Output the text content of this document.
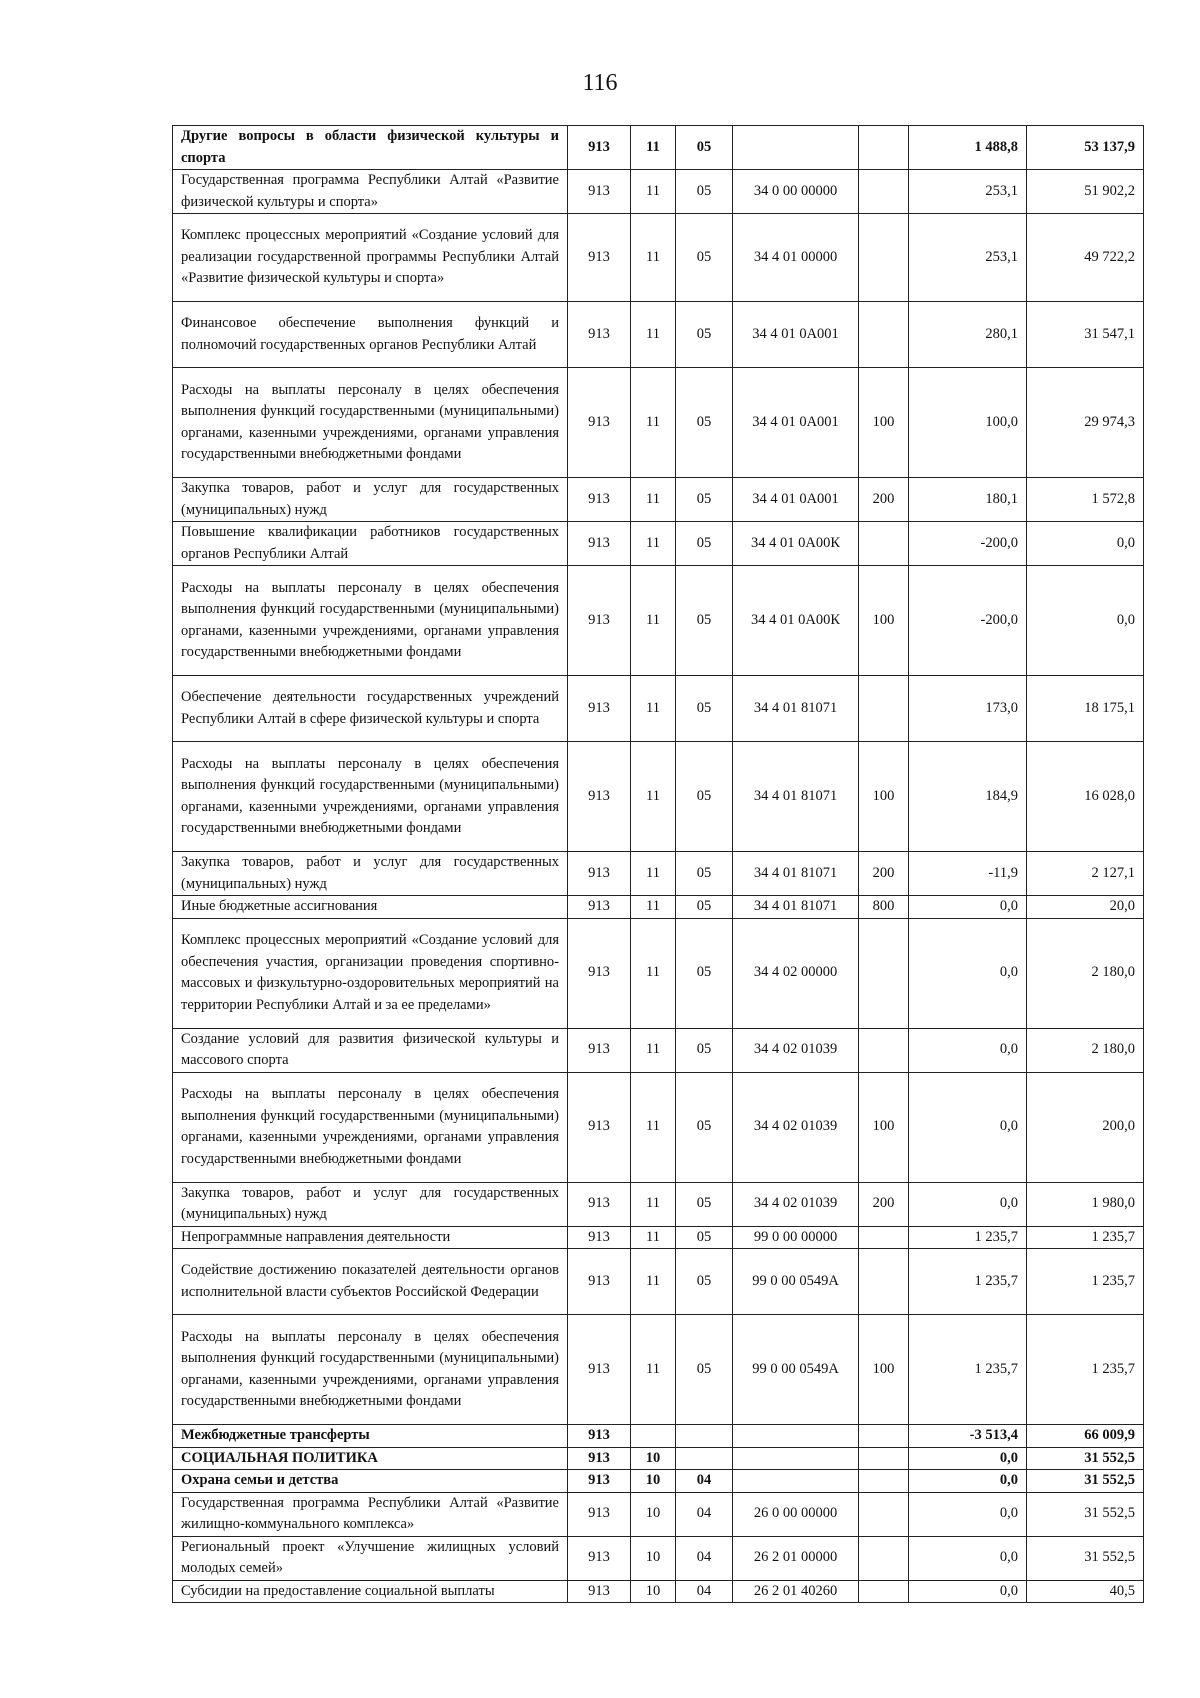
116
Другие вопросы в области физической культуры и спорта	913	11	05			1 488,8	53 137,9
Государственная программа Республики Алтай «Развитие физической культуры и спорта»	913	11	05	34 0 00 00000		253,1	51 902,2
Комплекс процессных мероприятий «Создание условий для реализации государственной программы Республики Алтай «Развитие физической культуры и спорта»	913	11	05	34 4 01 00000		253,1	49 722,2
Финансовое обеспечение выполнения функций и полномочий государственных органов Республики Алтай	913	11	05	34 4 01 0А001		280,1	31 547,1
Расходы на выплаты персоналу в целях обеспечения выполнения функций государственными (муниципальными) органами, казенными учреждениями, органами управления государственными внебюджетными фондами	913	11	05	34 4 01 0А001	100	100,0	29 974,3
Закупка товаров, работ и услуг для государственных (муниципальных) нужд	913	11	05	34 4 01 0А001	200	180,1	1 572,8
Повышение квалификации работников государственных органов Республики Алтай	913	11	05	34 4 01 0А00К		-200,0	0,0
Расходы на выплаты персоналу в целях обеспечения выполнения функций государственными (муниципальными) органами, казенными учреждениями, органами управления государственными внебюджетными фондами	913	11	05	34 4 01 0А00К	100	-200,0	0,0
Обеспечение деятельности государственных учреждений Республики Алтай в сфере физической культуры и спорта	913	11	05	34 4 01 81071		173,0	18 175,1
Расходы на выплаты персоналу в целях обеспечения выполнения функций государственными (муниципальными) органами, казенными учреждениями, органами управления государственными внебюджетными фондами	913	11	05	34 4 01 81071	100	184,9	16 028,0
Закупка товаров, работ и услуг для государственных (муниципальных) нужд	913	11	05	34 4 01 81071	200	-11,9	2 127,1
Иные бюджетные ассигнования	913	11	05	34 4 01 81071	800	0,0	20,0
Комплекс процессных мероприятий «Создание условий для обеспечения участия, организации проведения спортивно-массовых и физкультурно-оздоровительных мероприятий на территории Республики Алтай и за ее пределами»	913	11	05	34 4 02 00000		0,0	2 180,0
Создание условий для развития физической культуры и массового спорта	913	11	05	34 4 02 01039		0,0	2 180,0
Расходы на выплаты персоналу в целях обеспечения выполнения функций государственными (муниципальными) органами, казенными учреждениями, органами управления государственными внебюджетными фондами	913	11	05	34 4 02 01039	100	0,0	200,0
Закупка товаров, работ и услуг для государственных (муниципальных) нужд	913	11	05	34 4 02 01039	200	0,0	1 980,0
Непрограммные направления деятельности	913	11	05	99 0 00 00000		1 235,7	1 235,7
Содействие достижению показателей деятельности органов исполнительной власти субъектов Российской Федерации	913	11	05	99 0 00 0549А		1 235,7	1 235,7
Расходы на выплаты персоналу в целях обеспечения выполнения функций государственными (муниципальными) органами, казенными учреждениями, органами управления государственными внебюджетными фондами	913	11	05	99 0 00 0549А	100	1 235,7	1 235,7
Межбюджетные трансферты	913					-3 513,4	66 009,9
СОЦИАЛЬНАЯ ПОЛИТИКА	913	10				0,0	31 552,5
Охрана семьи и детства	913	10	04			0,0	31 552,5
Государственная программа Республики Алтай «Развитие жилищно-коммунального комплекса»	913	10	04	26 0 00 00000		0,0	31 552,5
Региональный проект «Улучшение жилищных условий молодых семей»	913	10	04	26 2 01 00000		0,0	31 552,5
Субсидии на предоставление социальной выплаты	913	10	04	26 2 01 40260		0,0	40,5
